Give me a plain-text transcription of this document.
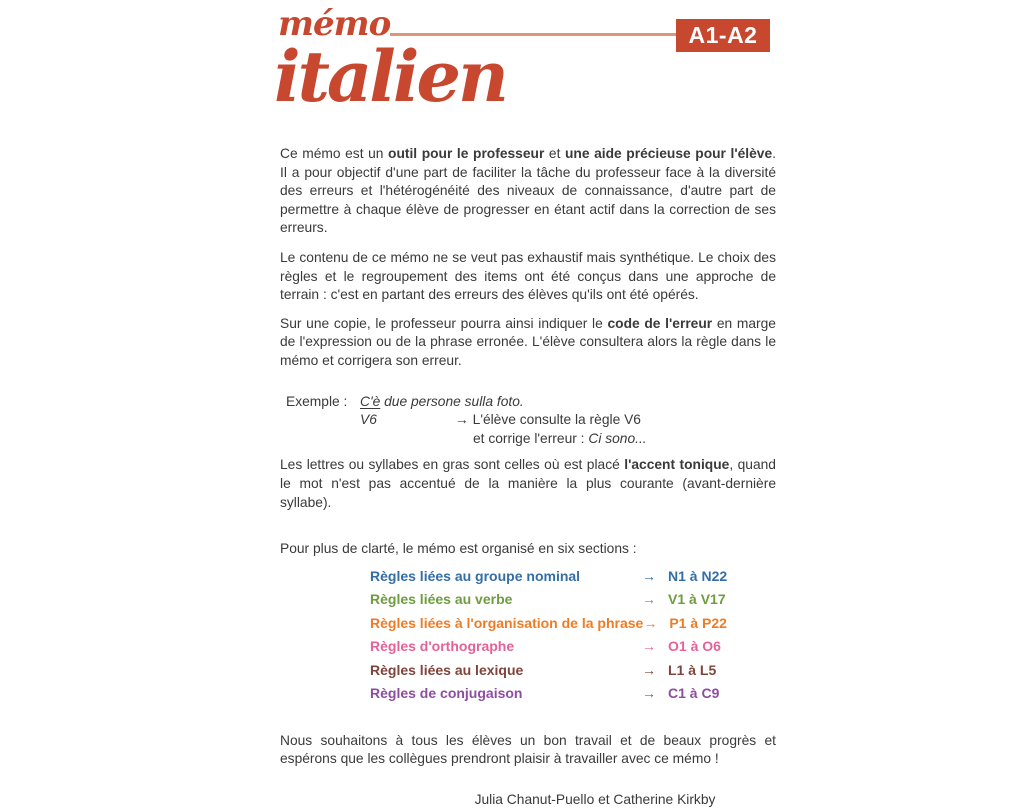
mémo	A1-A2
italien

Ce mémo est un outil pour le professeur et une aide précieuse pour l'élève. Il a pour objectif d'une part de faciliter la tâche du professeur face à la diversité des erreurs et l'hétérogénéité des niveaux de connaissance, d'autre part de permettre à chaque élève de progresser en étant actif dans la correction de ses erreurs.

Le contenu de ce mémo ne se veut pas exhaustif mais synthétique. Le choix des règles et le regroupement des items ont été conçus dans une approche de terrain : c'est en partant des erreurs des élèves qu'ils ont été opérés.

Sur une copie, le professeur pourra ainsi indiquer le code de l'erreur en marge de l'expression ou de la phrase erronée. L'élève consultera alors la règle dans le mémo et corrigera son erreur.

Exemple : C'è due persone sulla foto.
V6	→ L'élève consulte la règle V6
et corrige l'erreur : Ci sono...

Les lettres ou syllabes en gras sont celles où est placé l'accent tonique, quand le mot n'est pas accentué de la manière la plus courante (avant-dernière syllabe).

Pour plus de clarté, le mémo est organisé en six sections :

Règles liées au groupe nominal	→ N1 à N22
Règles liées au verbe	→ V1 à V17
Règles liées à l'organisation de la phrase → P1 à P22
Règles d'orthographe	→ O1 à O6
Règles liées au lexique	→ L1 à L5
Règles de conjugaison	→ C1 à C9

Nous souhaitons à tous les élèves un bon travail et de beaux progrès et espérons que les collègues prendront plaisir à travailler avec ce mémo !

Julia Chanut-Puello et Catherine Kirkby
